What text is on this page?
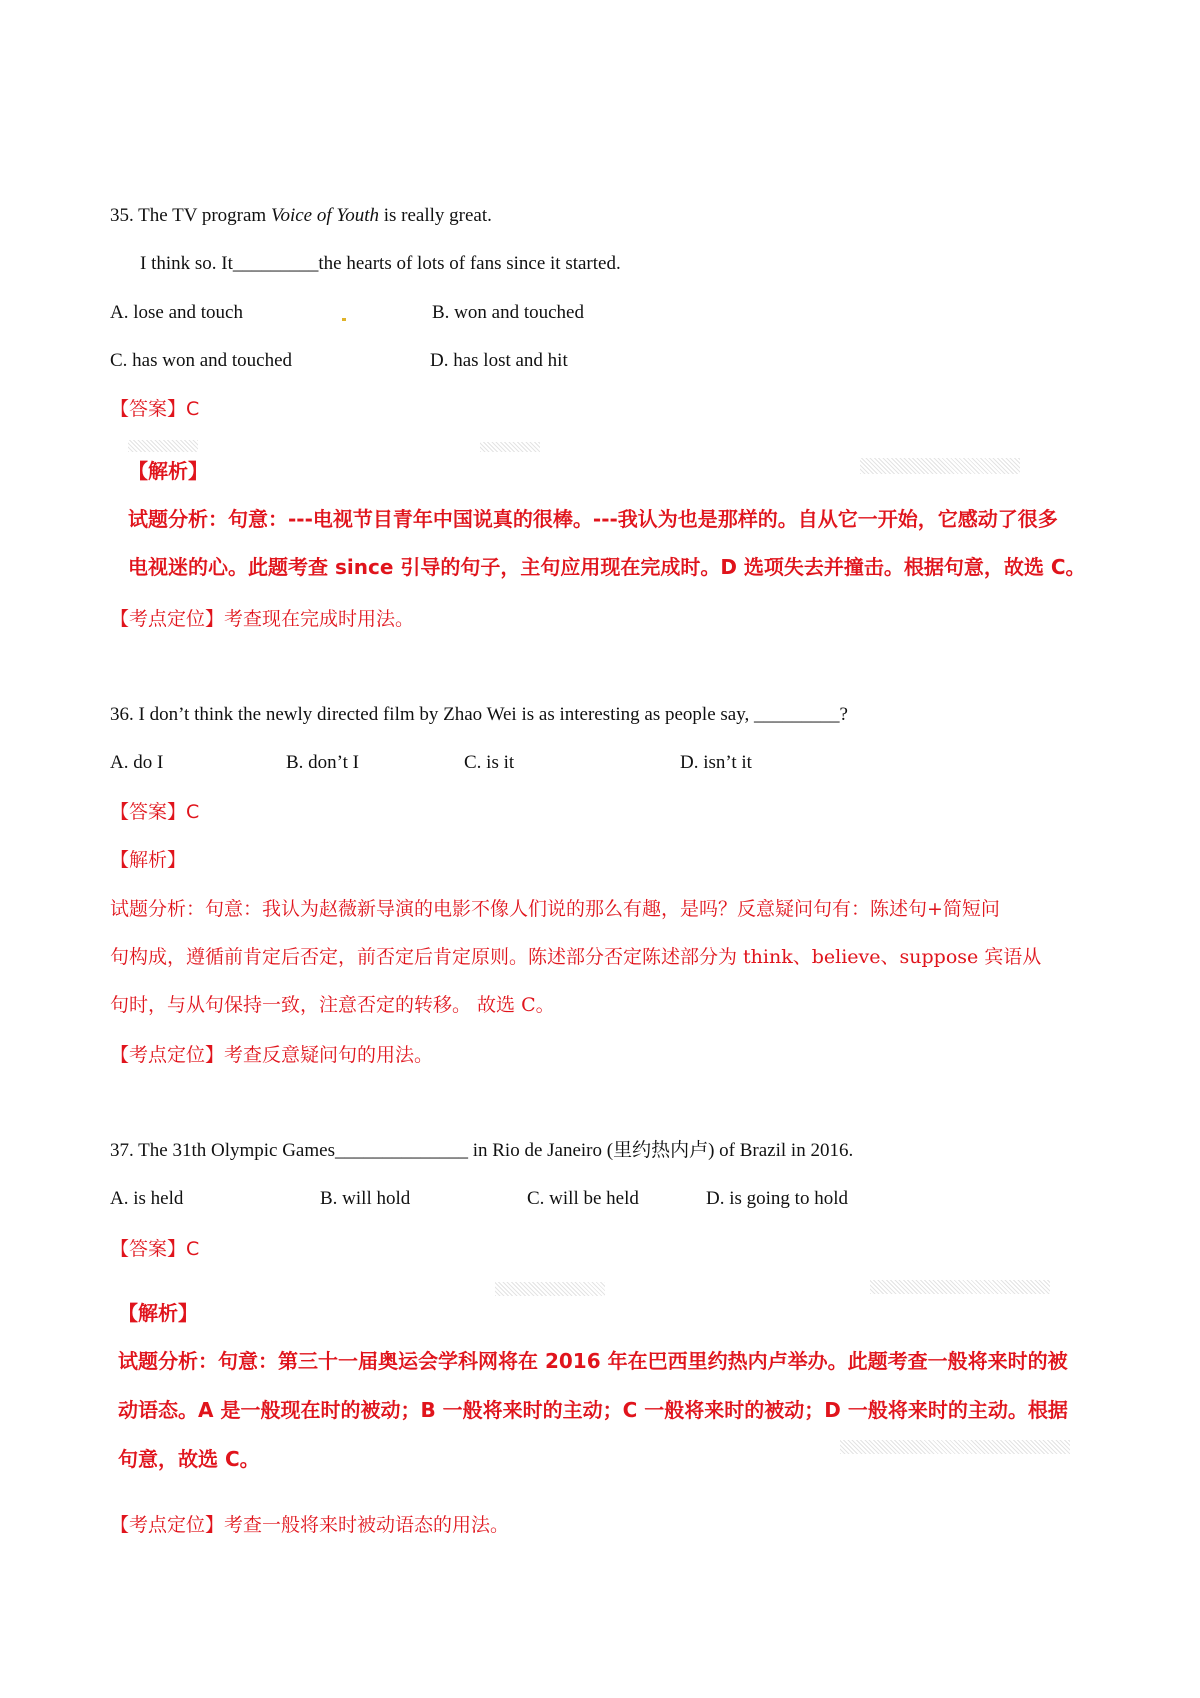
35. The TV program Voice of Youth is really great.
I think so. It_________the hearts of lots of fans since it started.
A. lose and touch	B. won and touched
C. has won and touched	D. has lost and hit
【答案】C
【解析】
试题分析：句意：---电视节目青年中国说真的很棒。---我认为也是那样的。自从它一开始，它感动了很多
电视迷的心。此题考查 since 引导的句子，主句应用现在完成时。D 选项失去并撞击。根据句意，故选 C。
【考点定位】考查现在完成时用法。
36. I don’t think the newly directed film by Zhao Wei is as interesting as people say, _________?
A. do I	B. don’t I	C. is it	D. isn’t it
【答案】C
【解析】
试题分析：句意：我认为赵薇新导演的电影不像人们说的那么有趣，是吗？反意疑问句有：陈述句+简短问
句构成，遵循前肯定后否定，前否定后肯定原则。陈述部分否定陈述部分为 think、believe、suppose 宾语从
句时，与从句保持一致，注意否定的转移。 故选 C。
【考点定位】考查反意疑问句的用法。
37. The 31th Olympic Games______________ in Rio de Janeiro (里约热内卢) of Brazil in 2016.
A. is held	B. will hold	C. will be held	D. is going to hold
【答案】C
【解析】
试题分析：句意：第三十一届奥运会学科网将在 2016 年在巴西里约热内卢举办。此题考查一般将来时的被
动语态。A 是一般现在时的被动；B 一般将来时的主动；C 一般将来时的被动；D 一般将来时的主动。根据
句意，故选 C。
【考点定位】考查一般将来时被动语态的用法。
